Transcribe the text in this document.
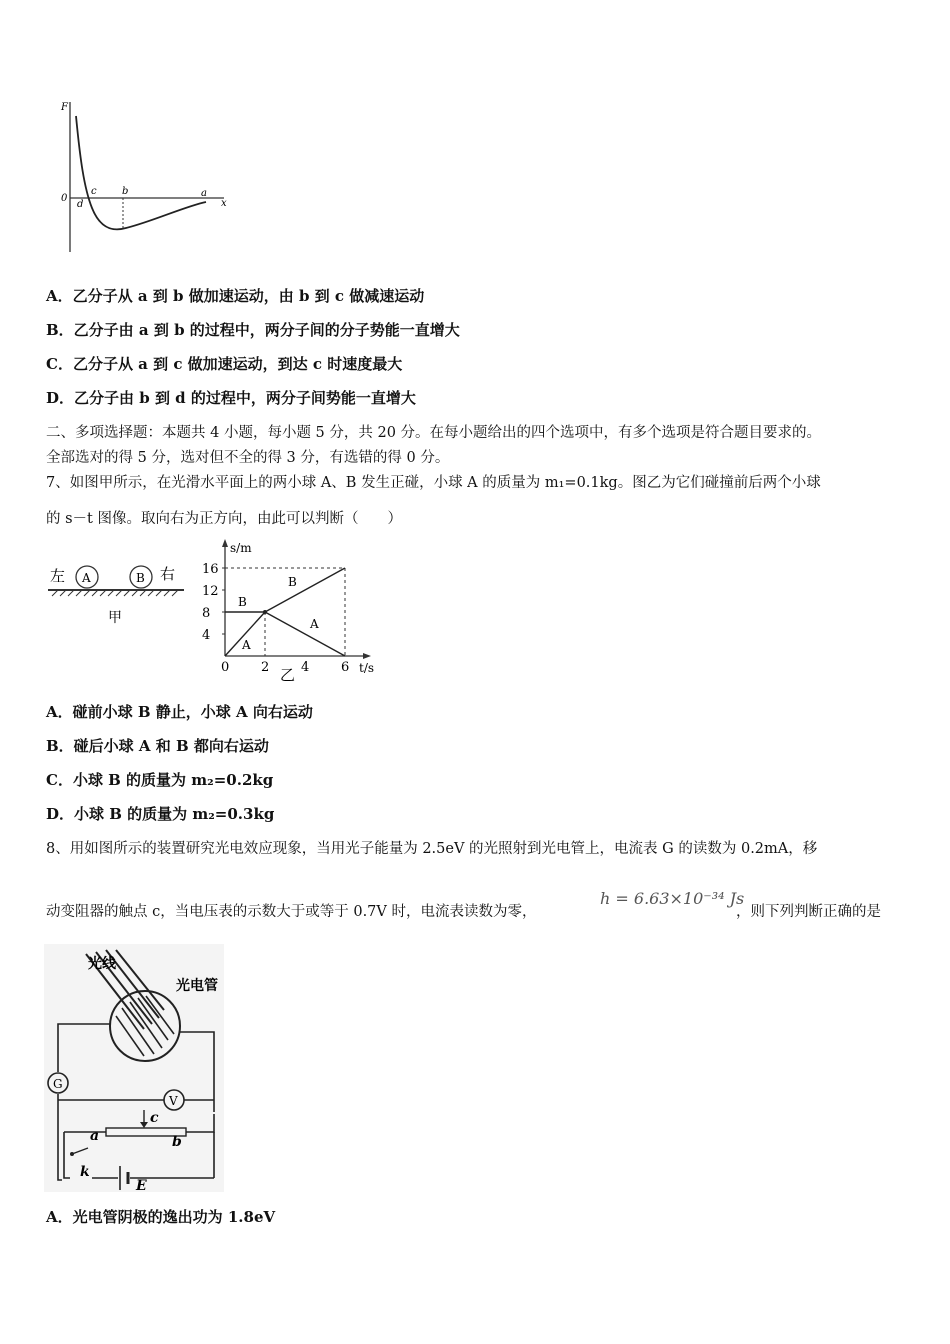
F
x
0
c	b	a
d
A．乙分子从 a 到 b 做加速运动，由 b 到 c 做减速运动
B．乙分子由 a 到 b 的过程中，两分子间的分子势能一直增大
C．乙分子从 a 到 c 做加速运动，到达 c 时速度最大
D．乙分子由 b 到 d 的过程中，两分子间势能一直增大
二、多项选择题：本题共 4 小题，每小题 5 分，共 20 分。在每小题给出的四个选项中，有多个选项是符合题目要求的。
全部选对的得 5 分，选对但不全的得 3 分，有选错的得 0 分。
7、如图甲所示，在光滑水平面上的两小球 A、B 发生正碰，小球 A 的质量为 m₁=0.1kg。图乙为它们碰撞前后两个小球
的 s－t 图像。取向右为正方向，由此可以判断（　　）
左 A	B 右
甲
s/m
t/s
16
12
8
4
0 2 4 6
B
A
B
A
乙
A．碰前小球 B 静止，小球 A 向右运动
B．碰后小球 A 和 B 都向右运动
C．小球 B 的质量为 m₂=0.2kg
D．小球 B 的质量为 m₂=0.3kg
8、用如图所示的装置研究光电效应现象，当用光子能量为 2.5eV 的光照射到光电管上，电流表 G 的读数为 0.2mA，移
动变阻器的触点 c，当电压表的示数大于或等于 0.7V 时，电流表读数为零，
h = 6.63×10⁻³⁴ Js
，则下列判断正确的是
光线
光电管
G
V
c
a	b
k
E
A．光电管阴极的逸出功为 1.8eV
